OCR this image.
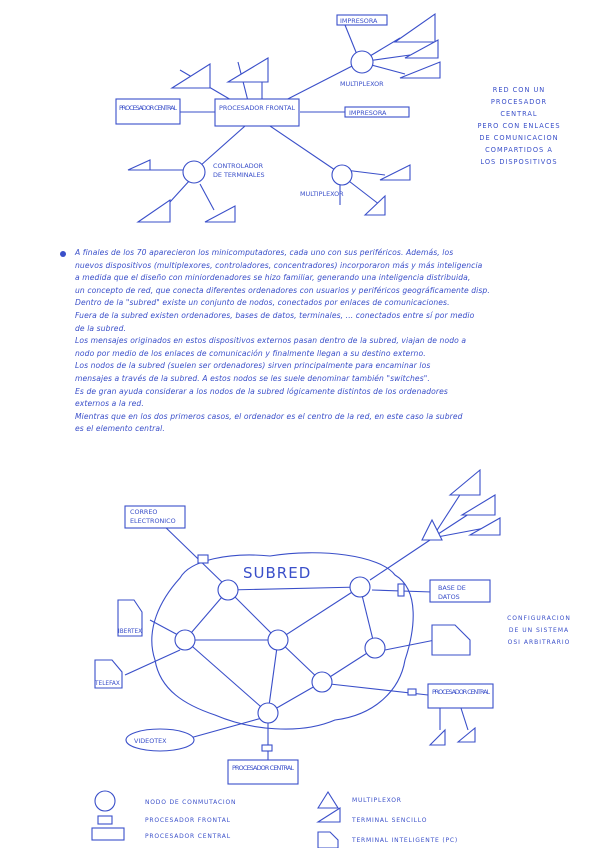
IMPRESORA
MULTIPLEXOR
PROCESADOR CENTRAL	PROCESADOR FRONTAL
IMPRESORA
CONTROLADOR
DE TERMINALES
MULTIPLEXOR
RED CON UN
PROCESADOR CENTRAL
PERO CON ENLACES
DE COMUNICACION
COMPARTIDOS A
LOS DISPOSITIVOS

A finales de los 70 aparecieron los minicomputadores, cada uno con sus periféricos. Además, los

nuevos dispositivos (multiplexores, controladores, concentradores) incorporaron más y más inteligencia

a medida que el diseño con miniordenadores se hizo familiar, generando una inteligencia distribuida,

un concepto de red, que conecta diferentes ordenadores con usuarios y periféricos geográficamente disp.

Dentro de la "subred" existe un conjunto de nodos, conectados por enlaces de comunicaciones.

Fuera de la subred existen ordenadores, bases de datos, terminales, ... conectados entre sí por medio

de la subred.

Los mensajes originados en estos dispositivos externos pasan dentro de la subred, viajan de nodo a

nodo por medio de los enlaces de comunicación y finalmente llegan a su destino externo.

Los nodos de la subred (suelen ser ordenadores) sirven principalmente para encaminar los

mensajes a través de la subred. A estos nodos se les suele denominar también "switches".

Es de gran ayuda considerar a los nodos de la subred lógicamente distintos de los ordenadores

externos a la red.

Mientras que en los dos primeros casos, el ordenador es el centro de la red, en este caso la subred

es el elemento central.

CORREO
ELECTRONICO
SUBRED
BASE DE
DATOS
IBERTEX
TELEFAX
PROCESADOR CENTRAL
VIDEOTEX
PROCESADOR CENTRAL
NODO DE CONMUTACION
PROCESADOR FRONTAL
PROCESADOR CENTRAL
MULTIPLEXOR
TERMINAL SENCILLO
TERMINAL INTELIGENTE (PC)
CONFIGURACION
DE UN SISTEMA
OSI ARBITRARIO
